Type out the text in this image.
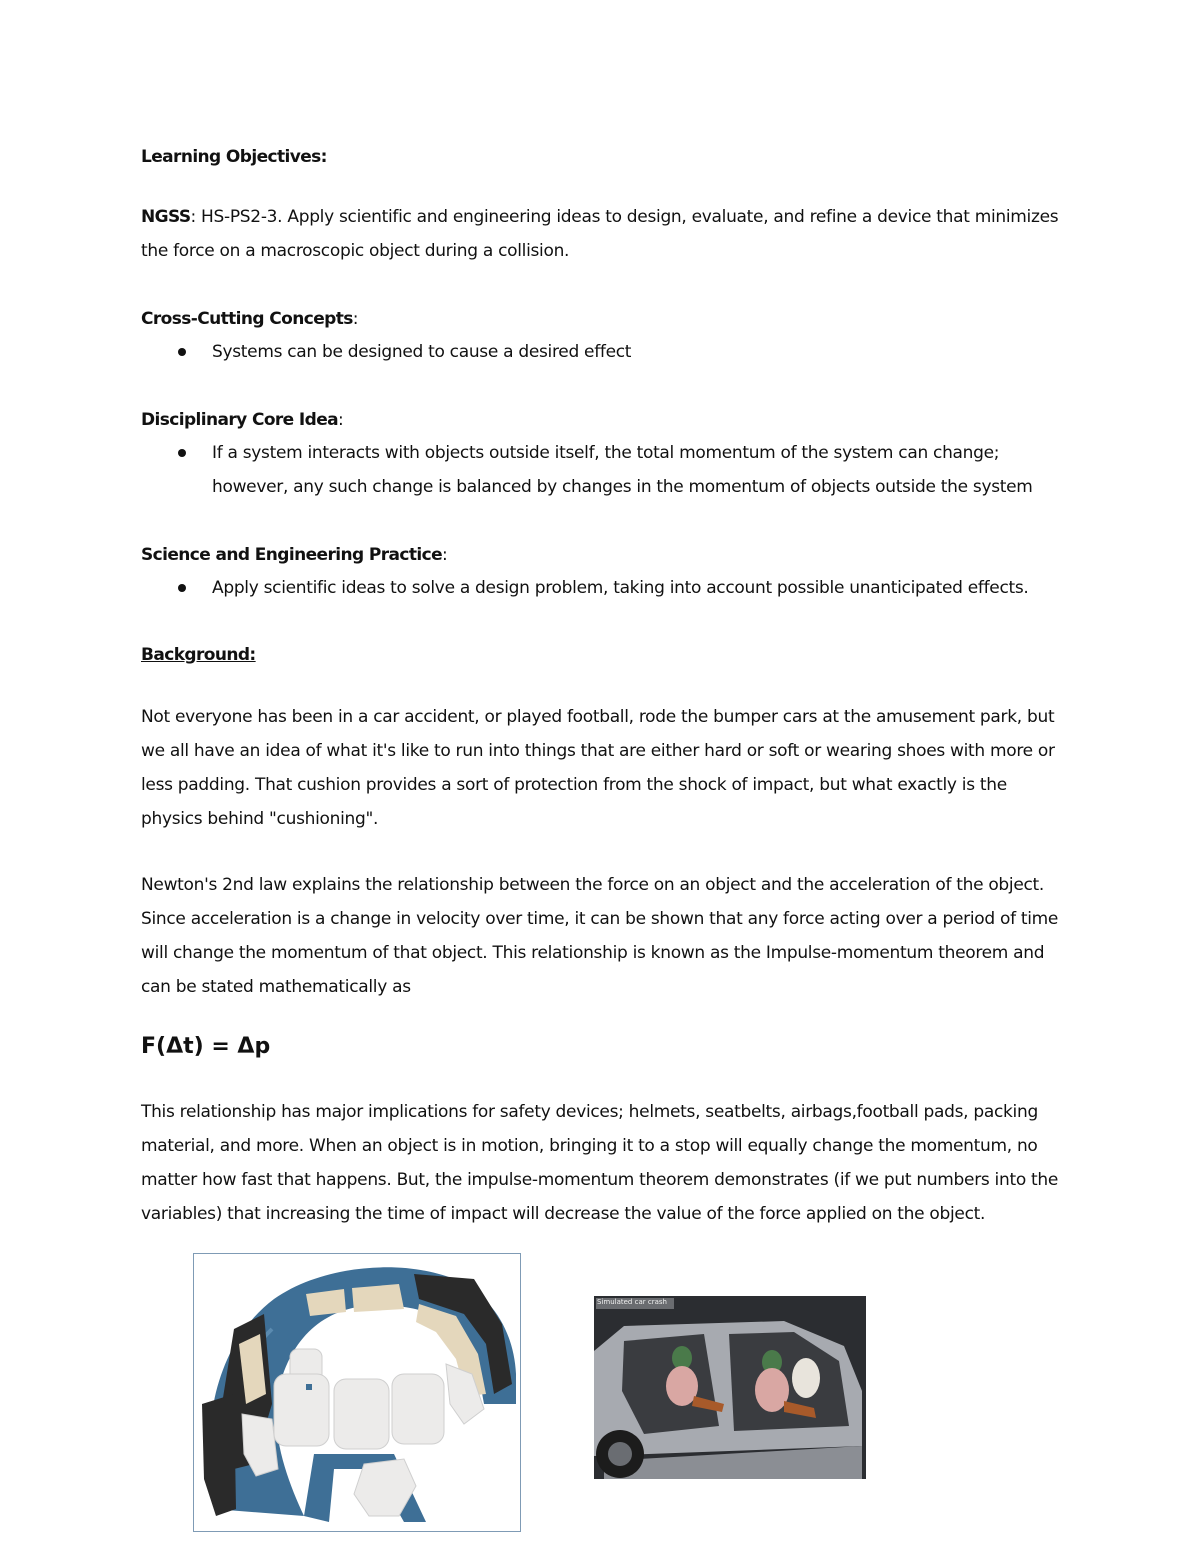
Learning Objectives:
NGSS: HS-PS2-3. Apply scientific and engineering ideas to design, evaluate, and refine a device that minimizes the force on a macroscopic object during a collision.
Cross-Cutting Concepts:
Systems can be designed to cause a desired effect
Disciplinary Core Idea:
If a system interacts with objects outside itself, the total momentum of the system can change; however, any such change is balanced by changes in the momentum of objects outside the system
Science and Engineering Practice:
Apply scientific ideas to solve a design problem, taking into account possible unanticipated effects.
Background:
Not everyone has been in a car accident, or played football, rode the bumper cars at the amusement park, but we all have an idea of what it's like to run into things that are either hard or soft or wearing shoes with more or less padding. That cushion provides a sort of protection from the shock of impact, but what exactly is the physics behind "cushioning".
Newton's 2nd law explains the relationship between the force on an object and the acceleration of the object. Since acceleration is a change in velocity over time, it can be shown that any force acting over a period of time will change the momentum of that object. This relationship is known as the Impulse-momentum theorem and can be stated mathematically as
F(Δt) = Δp
This relationship has major implications for safety devices; helmets, seatbelts, airbags,football pads, packing material, and more. When an object is in motion, bringing it to a stop will equally change the momentum, no matter how fast that happens. But, the impulse-momentum theorem demonstrates (if we put numbers into the variables) that increasing the time of impact will decrease the value of the force applied on the object.
Simulated car crash
